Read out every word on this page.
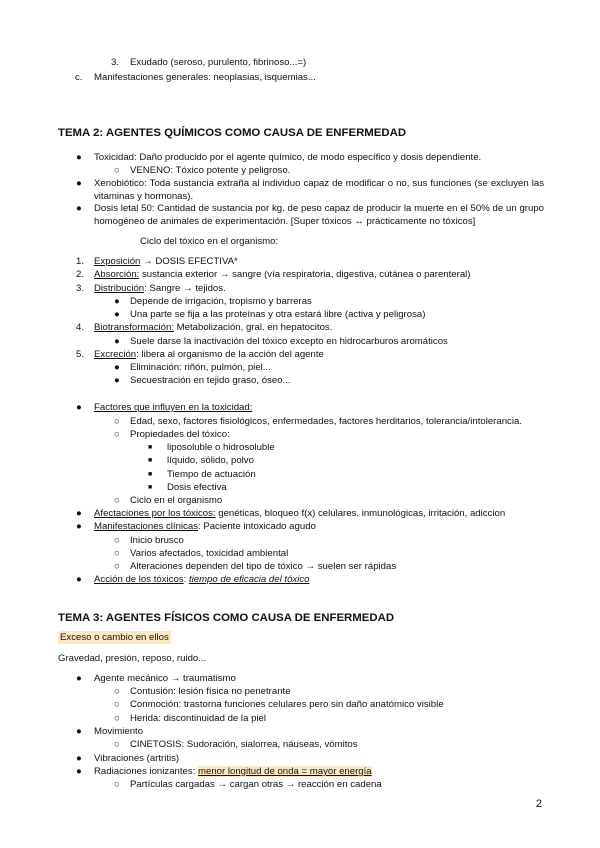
3. Exudado (seroso, purulento, fibrinoso...=)
c. Manifestaciones generales: neoplasias, isquemias...
TEMA 2: AGENTES QUÍMICOS COMO CAUSA DE ENFERMEDAD
● Toxicidad: Daño producido por el agente químico, de modo específico y dosis dependiente.
○ VENENO: Tóxico potente y peligroso.
● Xenobiótico: Toda sustancia extraña al individuo capaz de modificar o no, sus funciones (se excluyen las vitaminas y hormonas).
● Dosis letal 50: Cantidad de sustancia por kg. de peso capaz de producir la muerte en el 50% de un grupo homogéneo de animales de experimentación. [Super tóxicos ↔ prácticamente no tóxicos]
Ciclo del tóxico en el organismo:
1. Exposición → DOSIS EFECTIVA*
2. Absorción: sustancia exterior → sangre (vía respiratoria, digestiva, cutánea o parenteral)
3. Distribución: Sangre → tejidos.
● Depende de irrigación, tropismo y barreras
● Una parte se fija a las proteínas y otra estará libre (activa y peligrosa)
4. Biotransformación: Metabolización, gral. en hepatocitos.
● Suele darse la inactivación del tóxico excepto en hidrocarburos aromáticos
5. Excreción: libera al organismo de la acción del agente
● Eliminación: riñón, pulmón, piel...
● Secuestración en tejido graso, óseo...
● Factores que influyen en la toxicidad:
○ Edad, sexo, factores fisiológicos, enfermedades, factores herditarios, tolerancia/intolerancia.
○ Propiedades del tóxico:
■ liposoluble o hidrosoluble
■ líquido, sólido, polvo
■ Tiempo de actuación
■ Dosis efectiva
○ Ciclo en el organismo
● Afectaciones por los tóxicos: genéticas, bloqueo f(x) celulares, inmunológicas, irritación, adiccion
● Manifestaciones clínicas: Paciente intoxicado agudo
○ Inicio brusco
○ Varios afectados, toxicidad ambiental
○ Alteraciones dependen del tipo de tóxico → suelen ser rápidas
● Acción de los tóxicos: tiempo de eficacia del tóxico
TEMA 3: AGENTES FÍSICOS COMO CAUSA DE ENFERMEDAD
Exceso o cambio en ellos
Gravedad, presión, reposo, ruido...
● Agente mecánico → traumatismo
○ Contusión: lesión física no penetrante
○ Conmoción: trastorna funciones celulares pero sin daño anatómico visible
○ Herida: discontinuidad de la piel
● Movimiento
○ CINETOSIS: Sudoración, sialorrea, náuseas, vómitos
● Vibraciones (artritis)
● Radiaciones ionizantes: menor longitud de onda = mayor energía
○ Partículas cargadas → cargan otras → reacción en cadena
2
